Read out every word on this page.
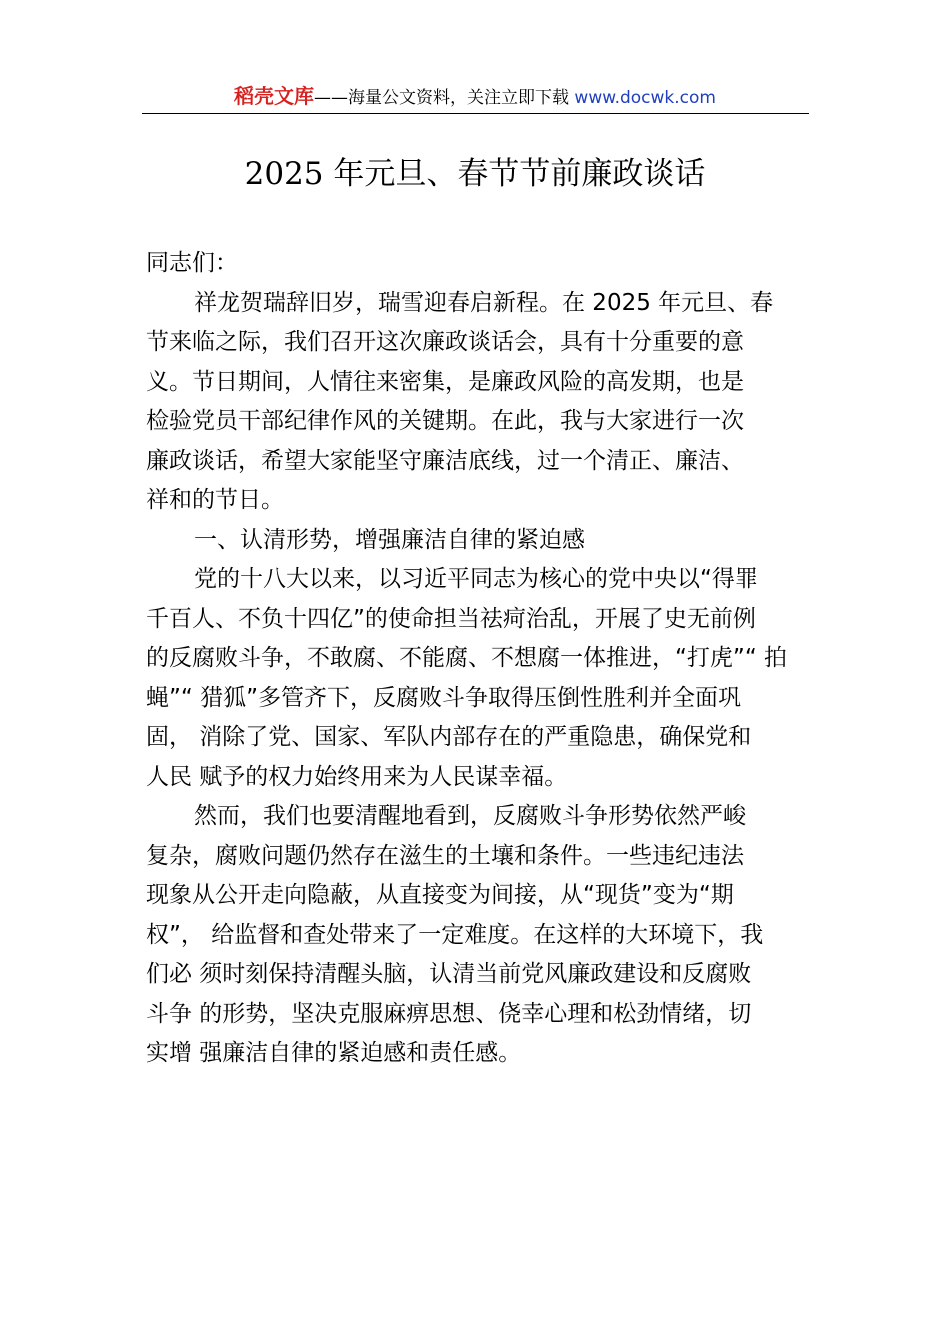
稻壳文库——海量公文资料，关注立即下载 www.docwk.com
2025 年元旦、春节节前廉政谈话
同志们：
祥龙贺瑞辞旧岁，瑞雪迎春启新程。在 2025 年元旦、春
节来临之际，我们召开这次廉政谈话会，具有十分重要的意
义。节日期间，人情往来密集，是廉政风险的高发期，也是
检验党员干部纪律作风的关键期。在此，我与大家进行一次
廉政谈话，希望大家能坚守廉洁底线，过一个清正、廉洁、
祥和的节日。
一、认清形势，增强廉洁自律的紧迫感
党的十八大以来，以习近平同志为核心的党中央以“得罪
千百人、不负十四亿”的使命担当祛疴治乱，开展了史无前例
的反腐败斗争，不敢腐、不能腐、不想腐一体推进，“打虎”“ 拍
蝇”“ 猎狐”多管齐下，反腐败斗争取得压倒性胜利并全面巩
固， 消除了党、国家、军队内部存在的严重隐患，确保党和
人民 赋予的权力始终用来为人民谋幸福。
然而，我们也要清醒地看到，反腐败斗争形势依然严峻
复杂，腐败问题仍然存在滋生的土壤和条件。一些违纪违法
现象从公开走向隐蔽，从直接变为间接，从“现货”变为“期
权”， 给监督和查处带来了一定难度。在这样的大环境下，我
们必 须时刻保持清醒头脑，认清当前党风廉政建设和反腐败
斗争 的形势，坚决克服麻痹思想、侥幸心理和松劲情绪，切
实增 强廉洁自律的紧迫感和责任感。
